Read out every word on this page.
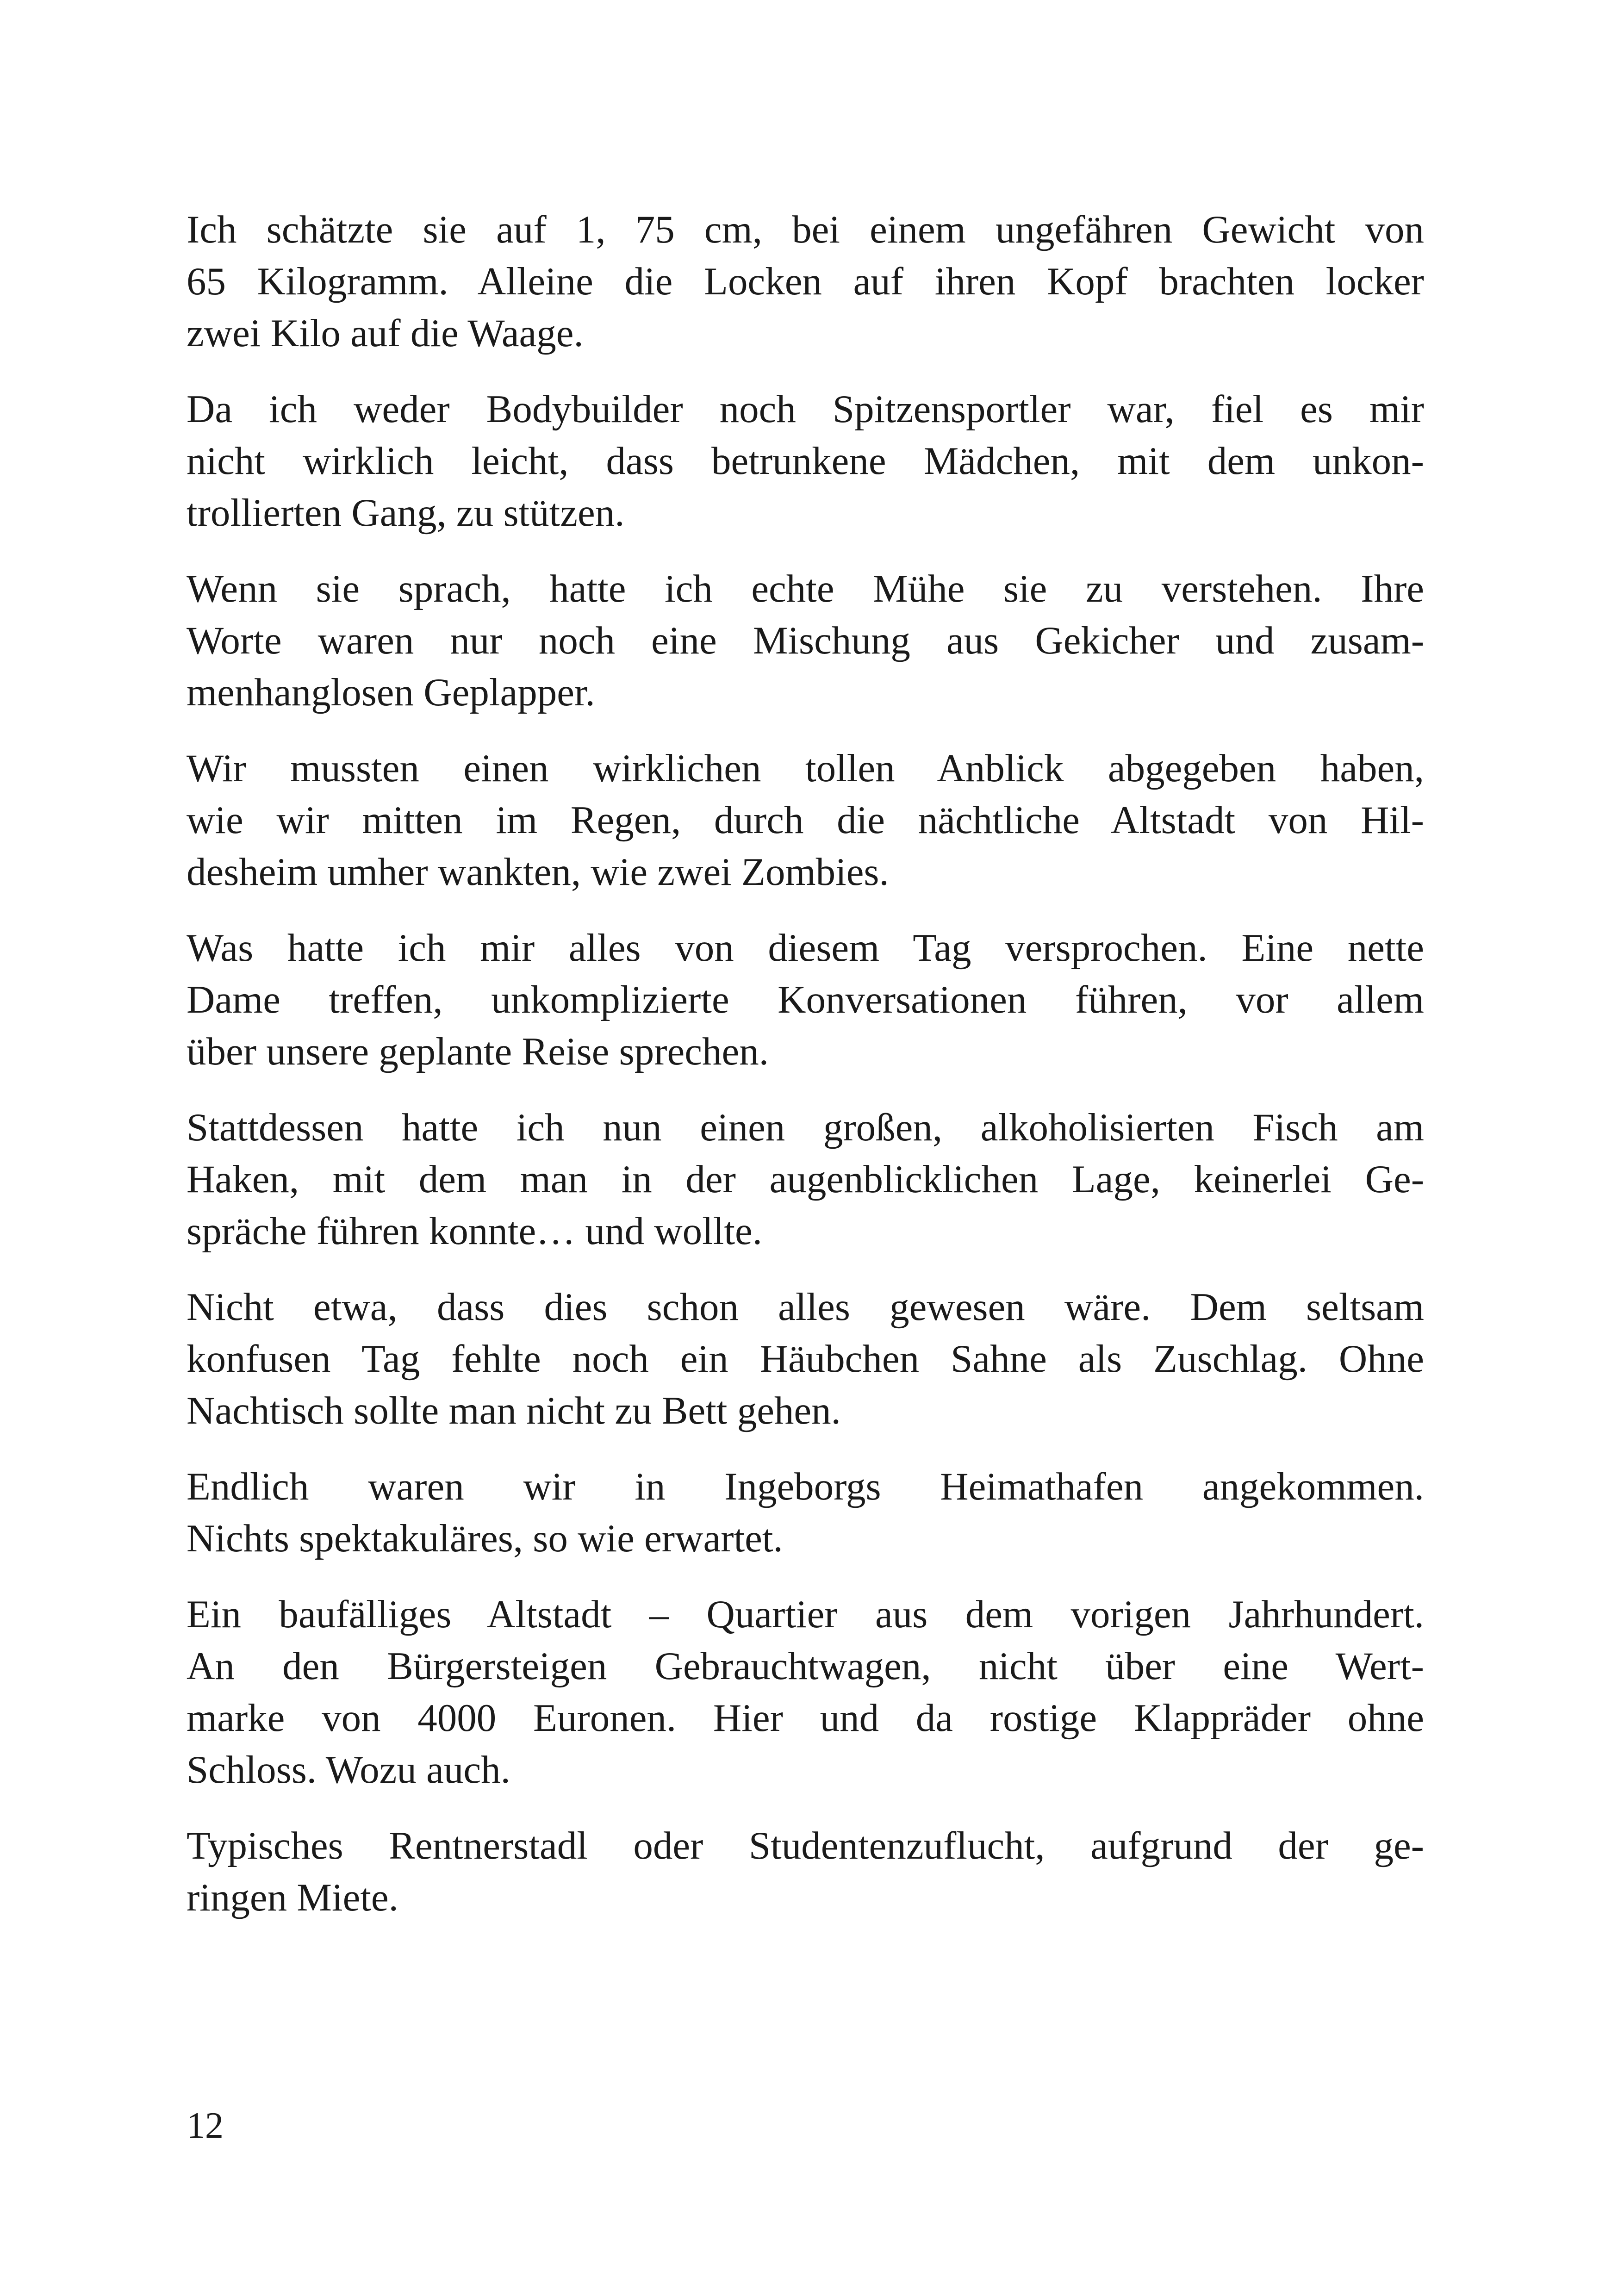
Ich schätzte sie auf 1, 75 cm, bei einem ungefähren Gewicht von
65 Kilogramm. Alleine die Locken auf ihren Kopf brachten locker
zwei Kilo auf die Waage.

Da ich weder Bodybuilder noch Spitzensportler war, fiel es mir
nicht wirklich leicht, dass betrunkene Mädchen, mit dem unkon-
trollierten Gang, zu stützen.

Wenn sie sprach, hatte ich echte Mühe sie zu verstehen. Ihre
Worte waren nur noch eine Mischung aus Gekicher und zusam-
menhanglosen Geplapper.

Wir mussten einen wirklichen tollen Anblick abgegeben haben,
wie wir mitten im Regen, durch die nächtliche Altstadt von Hil-
desheim umher wankten, wie zwei Zombies.

Was hatte ich mir alles von diesem Tag versprochen. Eine nette
Dame treffen, unkomplizierte Konversationen führen, vor allem
über unsere geplante Reise sprechen.

Stattdessen hatte ich nun einen großen, alkoholisierten Fisch am
Haken, mit dem man in der augenblicklichen Lage, keinerlei Ge-
spräche führen konnte… und wollte.

Nicht etwa, dass dies schon alles gewesen wäre. Dem seltsam
konfusen Tag fehlte noch ein Häubchen Sahne als Zuschlag. Ohne
Nachtisch sollte man nicht zu Bett gehen.

Endlich waren wir in Ingeborgs Heimathafen angekommen.
Nichts spektakuläres, so wie erwartet.

Ein baufälliges Altstadt – Quartier aus dem vorigen Jahrhundert.
An den Bürgersteigen Gebrauchtwagen, nicht über eine Wert-
marke von 4000 Euronen. Hier und da rostige Klappräder ohne
Schloss. Wozu auch.

Typisches Rentnerstadl oder Studentenzuflucht, aufgrund der ge-
ringen Miete.

12
